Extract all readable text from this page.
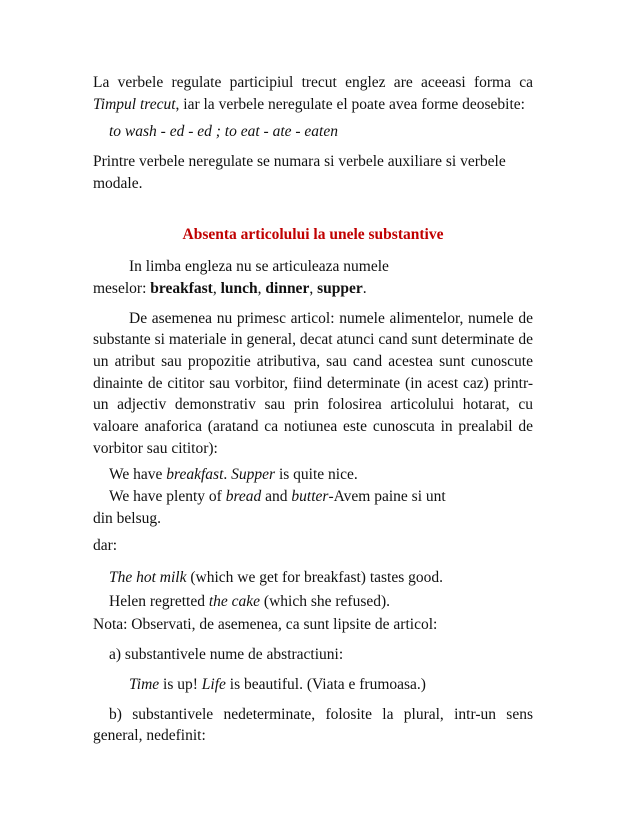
La verbele regulate participiul trecut englez are aceeasi forma ca Timpul trecut, iar la verbele neregulate el poate avea forme deosebite:

to wash - ed - ed ; to eat - ate - eaten

Printre verbele neregulate se numara si verbele auxiliare si verbele modale.

Absenta articolului la unele substantive

In limba engleza nu se articuleaza numele meselor: breakfast, lunch, dinner, supper.

De asemenea nu primesc articol: numele alimentelor, numele de substante si materiale in general, decat atunci cand sunt determinate de un atribut sau propozitie atributiva, sau cand acestea sunt cunoscute dinainte de cititor sau vorbitor, fiind determinate (in acest caz) printr-un adjectiv demonstrativ sau prin folosirea articolului hotarat, cu valoare anaforica (aratand ca notiunea este cunoscuta in prealabil de vorbitor sau cititor):

We have breakfast. Supper is quite nice.

We have plenty of bread and butter-Avem paine si unt
din belsug.

dar:

The hot milk (which we get for breakfast) tastes good.

Helen regretted the cake (which she refused).

Nota: Observati, de asemenea, ca sunt lipsite de articol:

a) substantivele nume de abstractiuni:

Time is up! Life is beautiful. (Viata e frumoasa.)

b) substantivele nedeterminate, folosite la plural, intr-un sens general, nedefinit:
